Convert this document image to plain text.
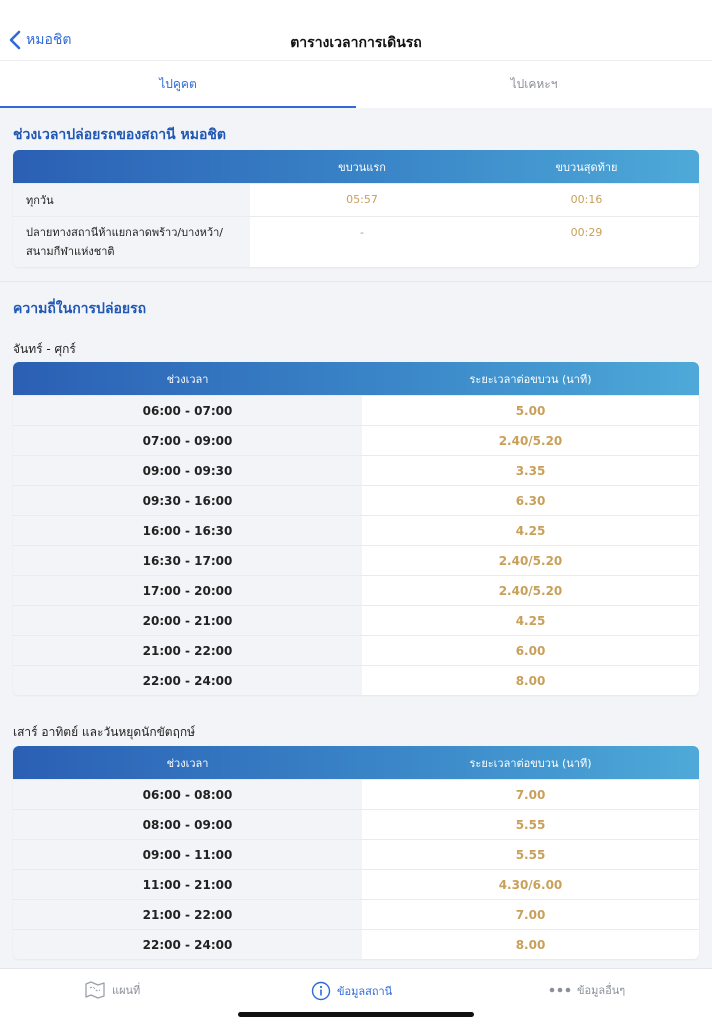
หมอชิต	ตารางเวลาการเดินรถ
ไปคูคต	ไปเคหะฯ
ช่วงเวลาปล่อยรถของสถานี หมอชิต
ขบวนแรก	ขบวนสุดท้าย
ทุกวัน	05:57	00:16
ปลายทางสถานีห้าแยกลาดพร้าว/บางหว้า/
สนามกีฬาแห่งชาติ
-	00:29
ความถี่ในการปล่อยรถ
จันทร์ - ศุกร์
ช่วงเวลา	ระยะเวลาต่อขบวน (นาที)
06:00 - 07:00	5.00
07:00 - 09:00	2.40/5.20
09:00 - 09:30	3.35
09:30 - 16:00	6.30
16:00 - 16:30	4.25
16:30 - 17:00	2.40/5.20
17:00 - 20:00	2.40/5.20
20:00 - 21:00	4.25
21:00 - 22:00	6.00
22:00 - 24:00	8.00
เสาร์ อาทิตย์ และวันหยุดนักขัตฤกษ์
ช่วงเวลา	ระยะเวลาต่อขบวน (นาที)
06:00 - 08:00	7.00
08:00 - 09:00	5.55
09:00 - 11:00	5.55
11:00 - 21:00	4.30/6.00
21:00 - 22:00	7.00
22:00 - 24:00	8.00
แผนที่	ข้อมูลสถานี	ข้อมูลอื่นๆ
